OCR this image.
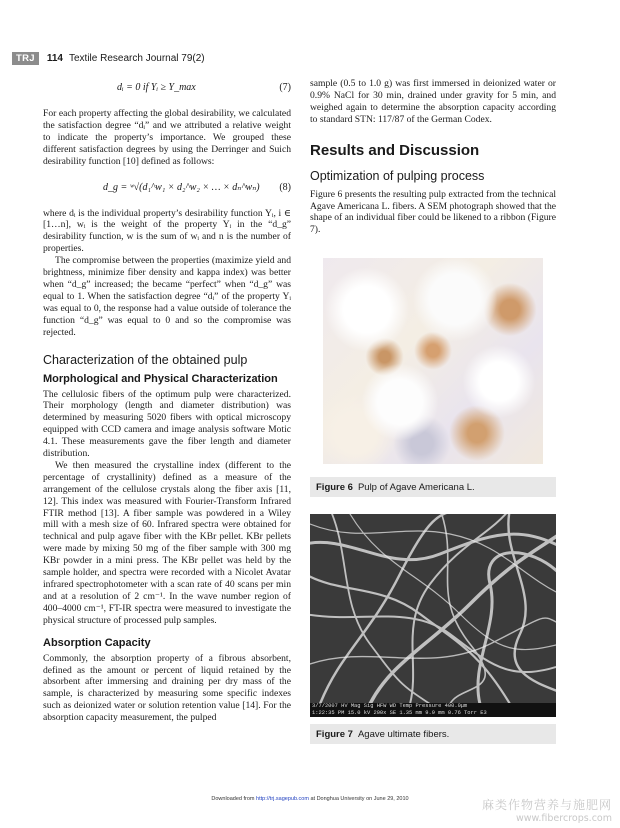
TRJ	114 Textile Research Journal 79(2)
dᵢ = 0 if Yᵢ ≥ Y_max	(7)

For each property affecting the global desirability, we calculated the satisfaction degree “dᵢ” and we attributed a relative weight to indicate the property’s importance. We grouped these different satisfaction degrees by using the Derringer and Suich desirability function [10] defined as follows:

d_g = ʷ√(d₁^w₁ × d₂^w₂ × … × dₙ^wₙ) (8)

where dᵢ is the individual property’s desirability function Yᵢ, i ∈ [1…n], wᵢ is the weight of the property Yᵢ in the “d_g” desirability function, w is the sum of wᵢ and n is the number of properties.

The compromise between the properties (maximize yield and brightness, minimize fiber density and kappa index) was better when “d_g” increased; the became “perfect” when “d_g” was equal to 1. When the satisfaction degree “dᵢ” of the property Yᵢ was equal to 0, the response had a value outside of tolerance the function “d_g” was equal to 0 and so the compromise was rejected.

Characterization of the obtained pulp
Morphological and Physical Characterization

The cellulosic fibers of the optimum pulp were characterized. Their morphology (length and diameter distribution) was determined by measuring 5020 fibers with optical microscopy equipped with CCD camera and image analysis software Motic 4.1. These measurements gave the fiber length and diameter distribution.

We then measured the crystalline index (different to the percentage of crystallinity) defined as a measure of the arrangement of the cellulose crystals along the fiber axis [11, 12]. This index was measured with Fourier-Transform Infrared FTIR method [13]. A fiber sample was powdered in a Wiley mill with a mesh size of 60. Infrared spectra were obtained for technical and pulp agave fiber with the KBr pellet. KBr pellets were made by mixing 50 mg of the fiber sample with 300 mg KBr powder in a mini press. The KBr pellet was held by the sample holder, and spectra were recorded with a Nicolet Avatar infrared spectrophotometer with a scan rate of 40 scans per min and at a resolution of 2 cm⁻¹. In the wave number region of 400–4000 cm⁻¹, FT-IR spectra were measured to investigate the physical structure of processed pulp samples.

Absorption Capacity

Commonly, the absorption property of a fibrous absorbent, defined as the amount or percent of liquid retained by the absorbent after immersing and draining per dry mass of the sample, is characterized by measuring some specific indexes such as deionized water or solution retention value [14]. For the absorption capacity measurement, the pulped

sample (0.5 to 1.0 g) was first immersed in deionized water or 0.9% NaCl for 30 min, drained under gravity for 5 min, and weighed again to determine the absorption capacity according to standard STN: 117/87 of the German Codex.

Results and Discussion
Optimization of pulping process

Figure 6 presents the resulting pulp extracted from the technical Agave Americana L. fibers. A SEM photograph showed that the shape of an individual fiber could be likened to a ribbon (Figure 7).

Figure 6 Pulp of Agave Americana L.
3/7/2007 HV Mag Sig HFW WD Temp Pressure 400.0μm
1:22:35 PM 15.0 kV 200x SE 1.35 mm 9.9 mm 0.76 Torr E3
Figure 7 Agave ultimate fibers.
Downloaded from http://trj.sagepub.com at Donghua University on June 29, 2010	麻类作物营养与施肥网
www.fibercrops.com
